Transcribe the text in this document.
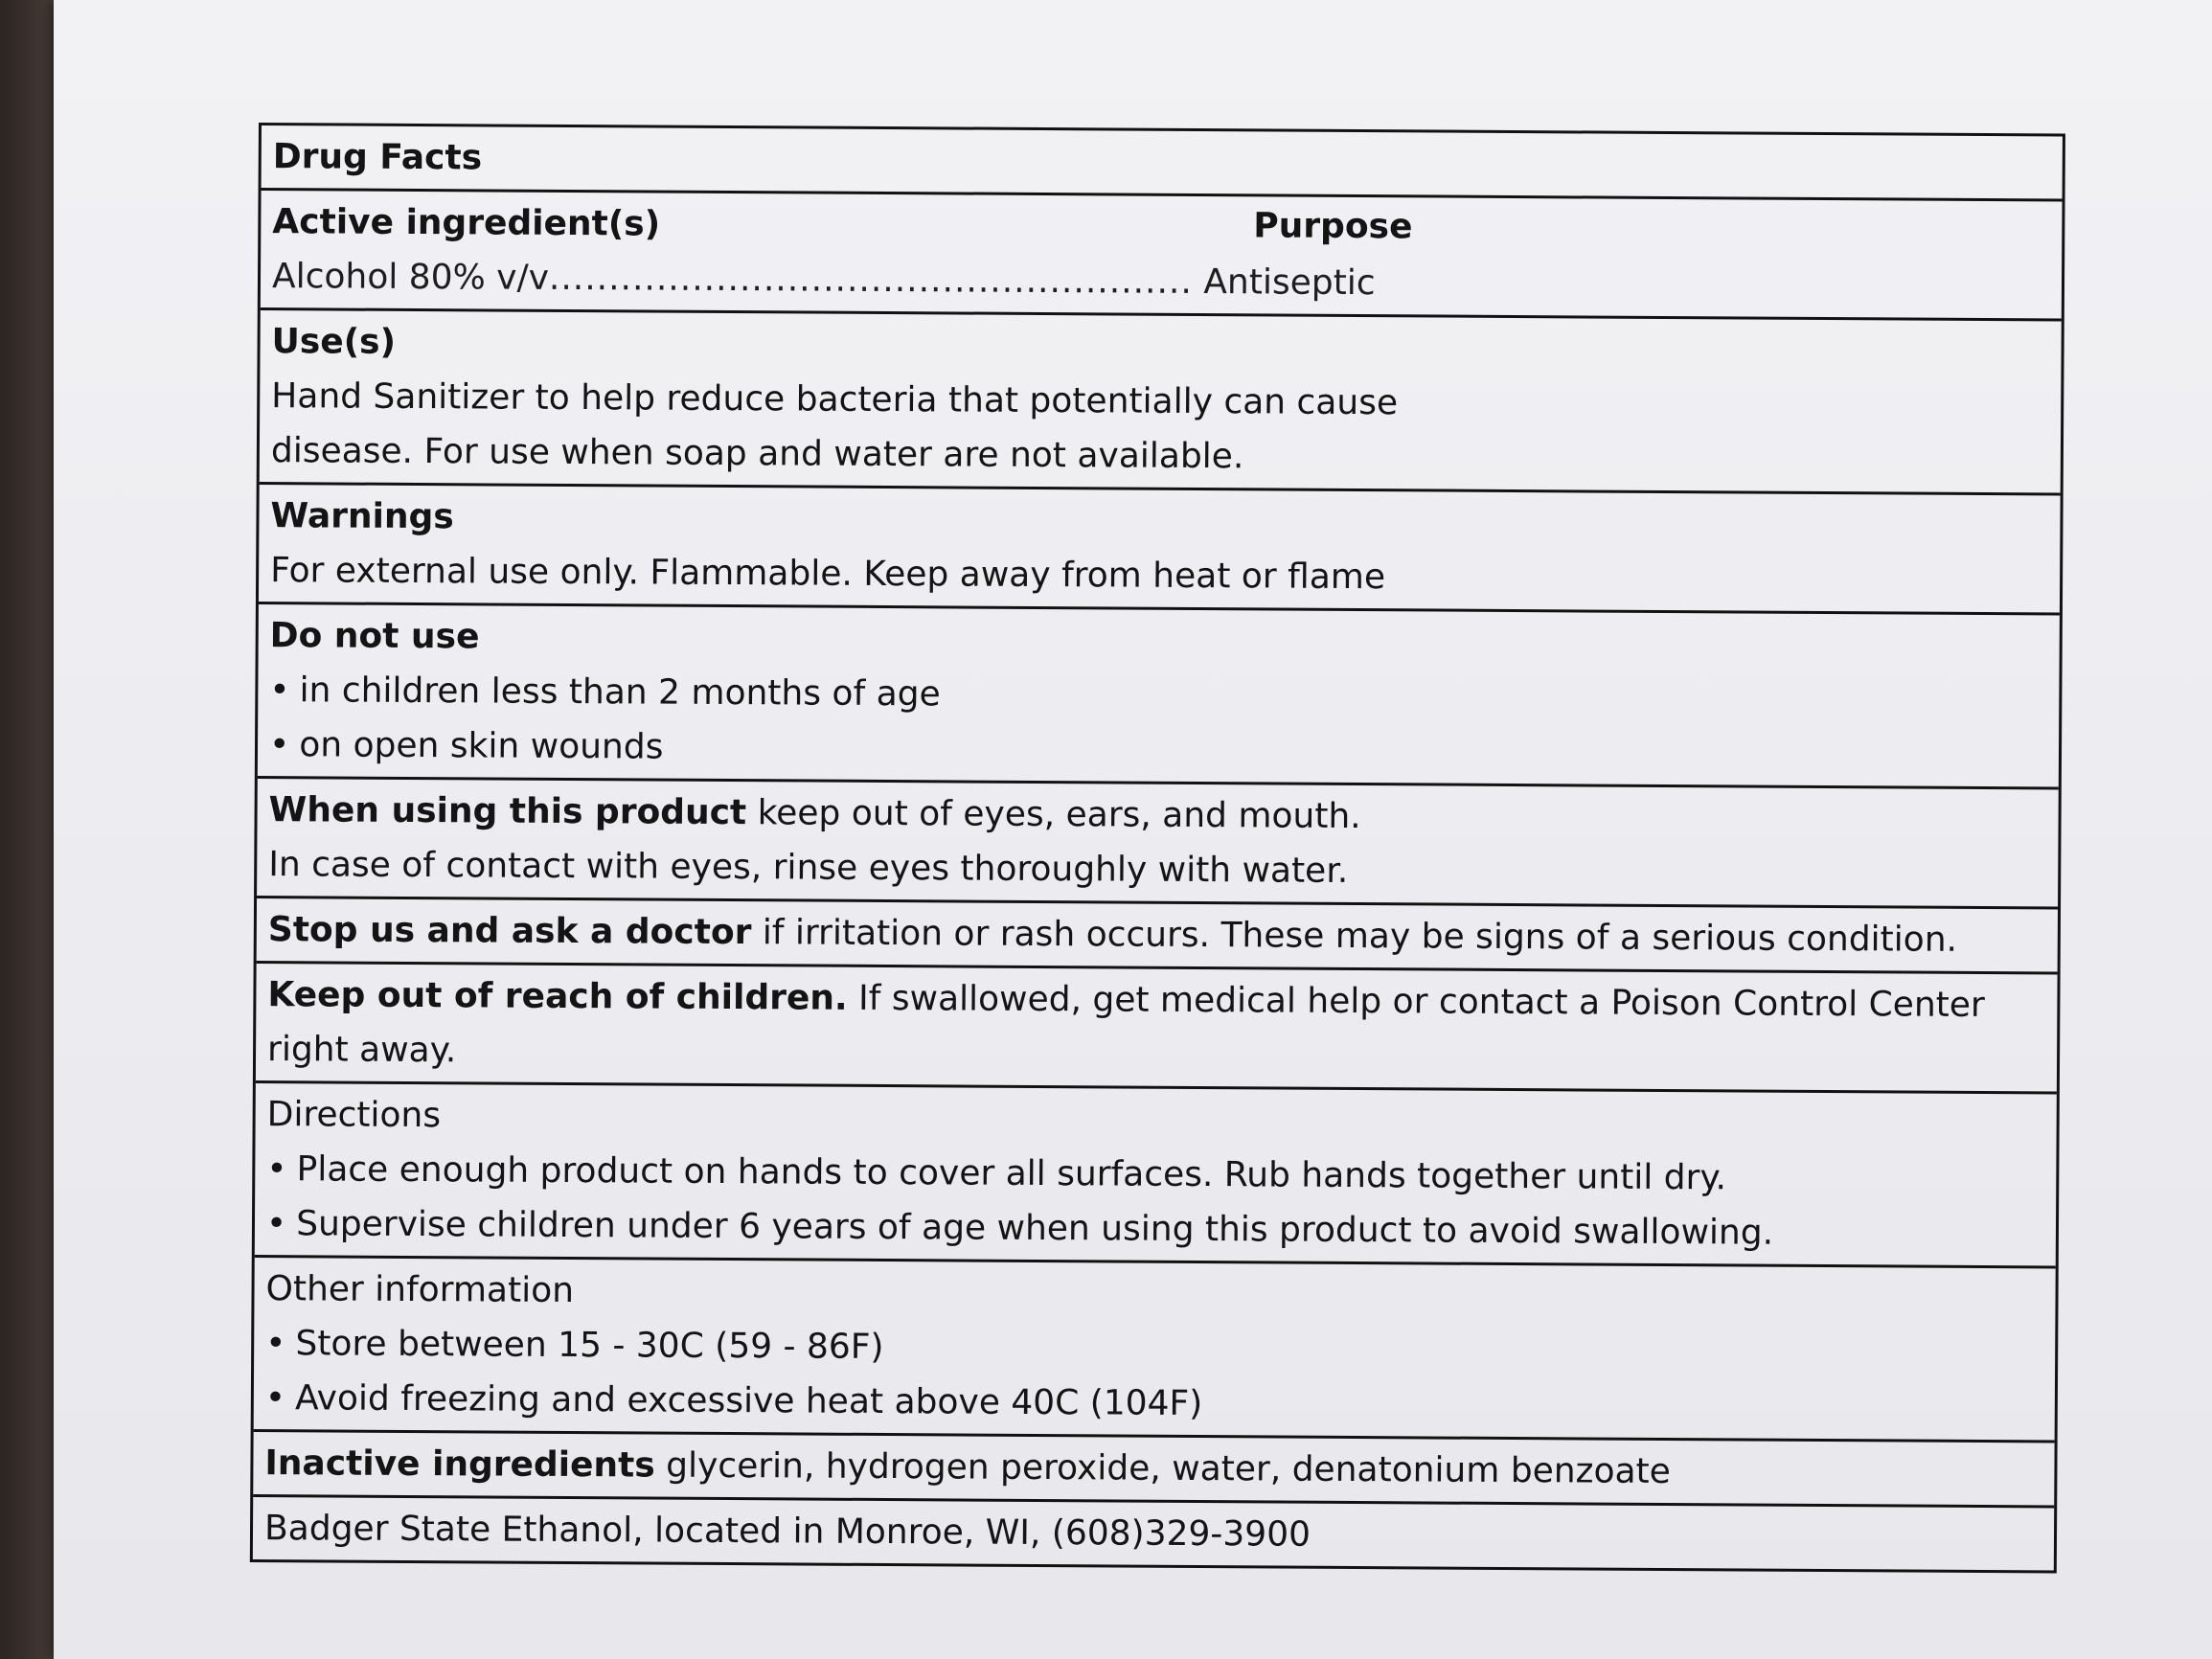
Drug Facts
Active ingredient(s)	Purpose
Alcohol 80% v/v...................................................... Antiseptic
Use(s)
Hand Sanitizer to help reduce bacteria that potentially can cause
disease. For use when soap and water are not available.
Warnings
For external use only. Flammable. Keep away from heat or flame
Do not use
• in children less than 2 months of age
• on open skin wounds
When using this product keep out of eyes, ears, and mouth.
In case of contact with eyes, rinse eyes thoroughly with water.
Stop us and ask a doctor if irritation or rash occurs. These may be signs of a serious condition.
Keep out of reach of children. If swallowed, get medical help or contact a Poison Control Center right away.
Directions
• Place enough product on hands to cover all surfaces. Rub hands together until dry.
• Supervise children under 6 years of age when using this product to avoid swallowing.
Other information
• Store between 15 - 30C (59 - 86F)
• Avoid freezing and excessive heat above 40C (104F)
Inactive ingredients glycerin, hydrogen peroxide, water, denatonium benzoate
Badger State Ethanol, located in Monroe, WI, (608)329-3900
